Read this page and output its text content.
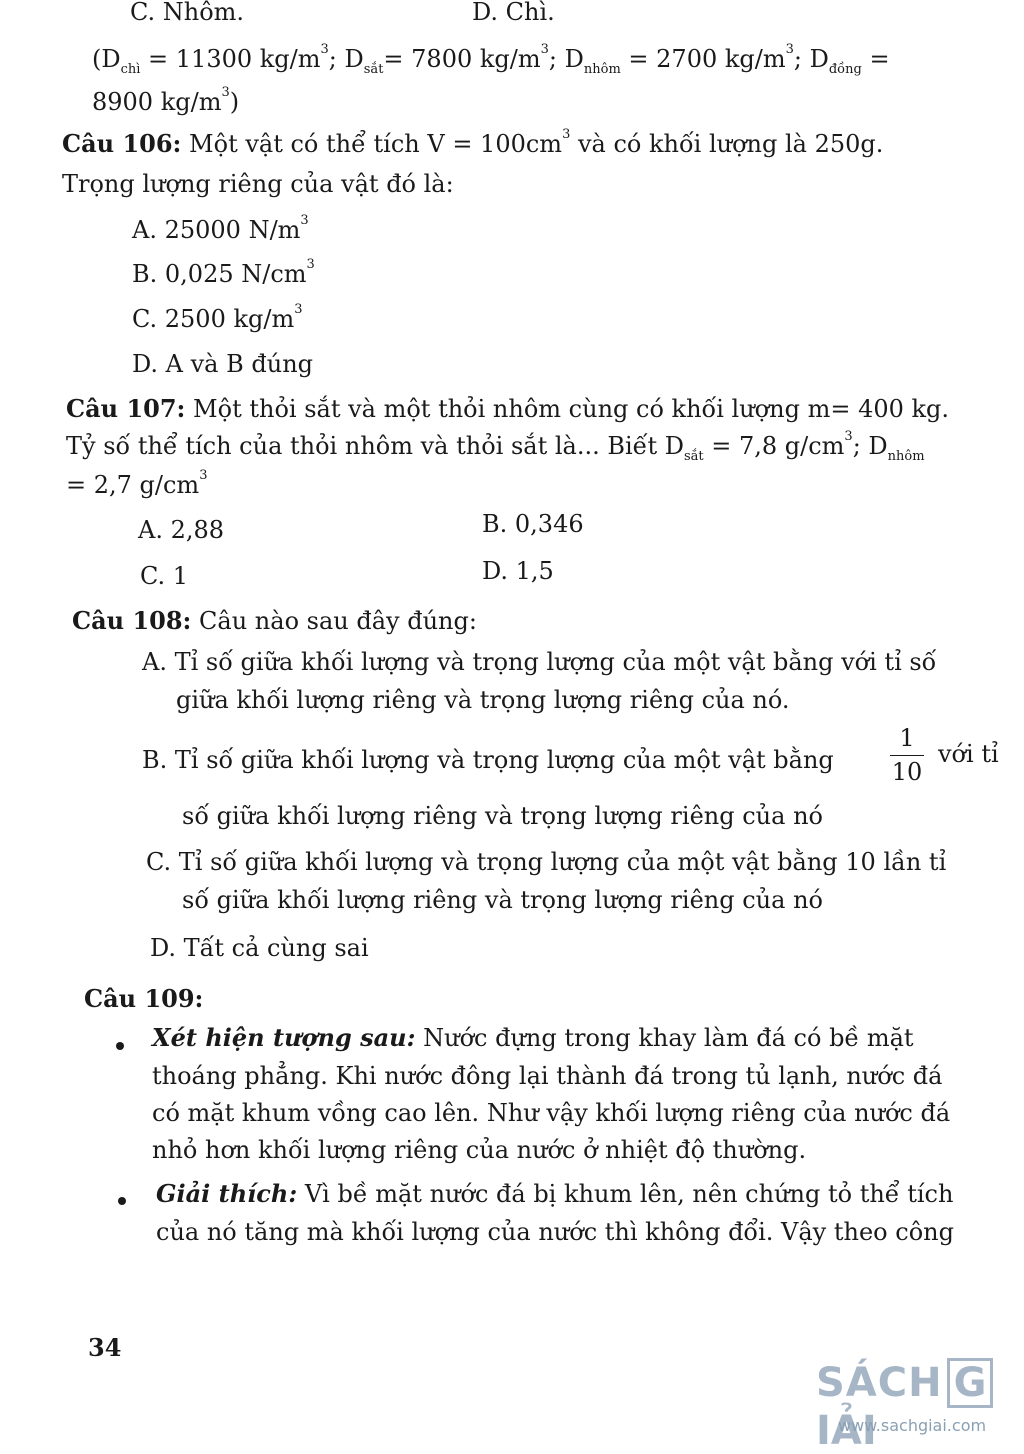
C. Nhôm.	D. Chì.
($D_{chì} = 11300$ $kg/m^3$; $D_{sắt}= 7800$ $kg/m^3$; $D_{nhôm} = 2700$ $kg/m^3$; $D_{đồng}$ =
8900 $kg/m^3$)
Câu 106: Một vật có thể tích $V = 100cm^3$ và có khối lượng là 250g.
Trọng lượng riêng của vật đó là:
A. 25000 $N/m^3$
B. 0,025 $N/cm^3$
C. 2500 $kg/m^3$
D. A và B đúng
Câu 107: Một thỏi sắt và một thỏi nhôm cùng có khối lượng m= 400 kg.
Tỷ số thể tích của thỏi nhôm và thỏi sắt là... Biết $D_{sắt} = 7,8$ $g/cm^3$; $D_{nhôm}$
= 2,7 $g/cm^3$
A. 2,88	B. 0,346
C. 1	D. 1,5
Câu 108: Câu nào sau đây đúng:
A. Tỉ số giữa khối lượng và trọng lượng của một vật bằng với tỉ số
giữa khối lượng riêng và trọng lượng riêng của nó.
B. Tỉ số giữa khối lượng và trọng lượng của một vật bằng
1
10
với tỉ
số giữa khối lượng riêng và trọng lượng riêng của nó
C. Tỉ số giữa khối lượng và trọng lượng của một vật bằng 10 lần tỉ
số giữa khối lượng riêng và trọng lượng riêng của nó
D. Tất cả cùng sai
Câu 109:
Xét hiện tượng sau: Nước đựng trong khay làm đá có bề mặt
thoáng phẳng. Khi nước đông lại thành đá trong tủ lạnh, nước đá
có mặt khum vồng cao lên. Như vậy khối lượng riêng của nước đá
nhỏ hơn khối lượng riêng của nước ở nhiệt độ thường.
Giải thích: Vì bề mặt nước đá bị khum lên, nên chứng tỏ thể tích
của nó tăng mà khối lượng của nước thì không đổi. Vậy theo công
34
SÁCH GIẢI
www.sachgiai.com
